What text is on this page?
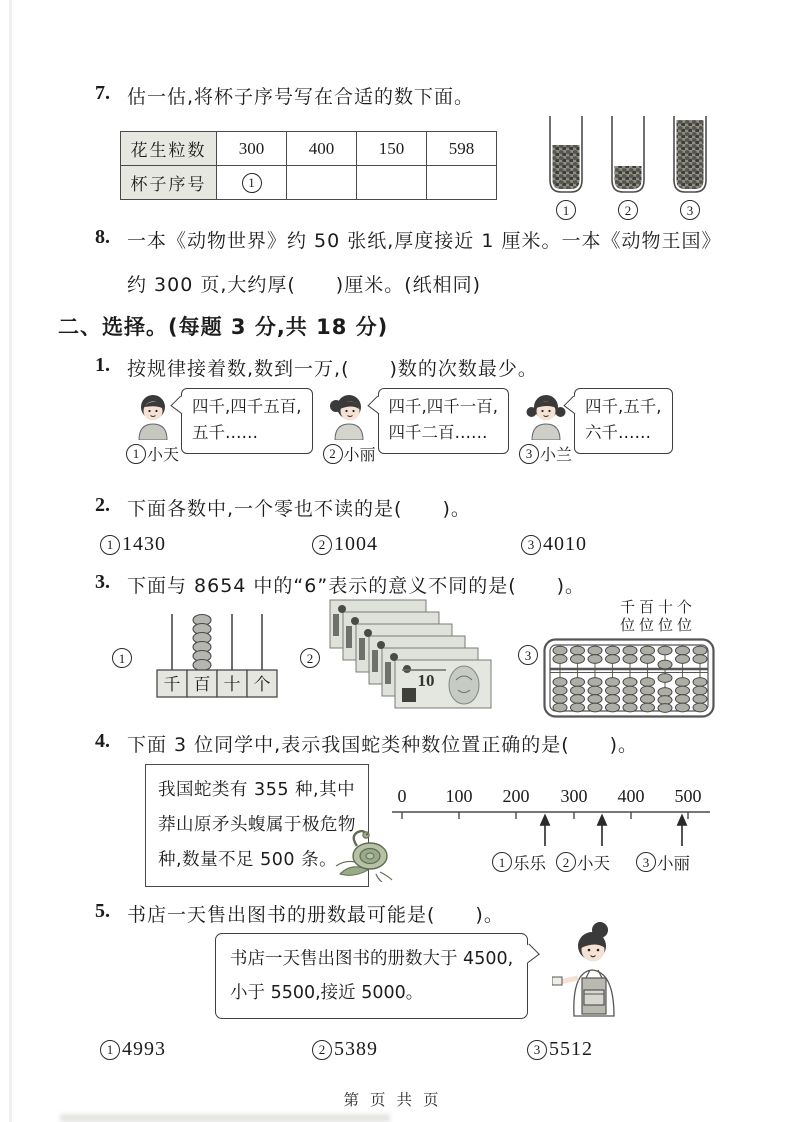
7. 估一估,将杯子序号写在合适的数下面。
花生粒数	300	400	150	598
杯子序号	1			
1	2	3
8. 一本《动物世界》约 50 张纸,厚度接近 1 厘米。一本《动物王国》
约 300 页,大约厚(　　)厘米。(纸相同)
二、选择。(每题 3 分,共 18 分)
1. 按规律接着数,数到一万,(　　)数的次数最少。
1 小天
四千,四千五百,
五千……
2 小丽
四千,四千一百,
四千二百……
3 小兰
四千,五千,
六千……
2. 下面各数中,一个零也不读的是(　　)。
1 1430	2 1004	3 4010
3. 下面与 8654 中的“6”表示的意义不同的是(　　)。
1
千 百 十 个
2
10
3
千百十个
位位位位
4. 下面 3 位同学中,表示我国蛇类种数位置正确的是(　　)。
我国蛇类有 355 种,其中
莽山原矛头蝮属于极危物
种,数量不足 500 条。
0 100 200 300 400 500
1 乐乐	2 小天	3 小丽
5. 书店一天售出图书的册数最可能是(　　)。
书店一天售出图书的册数大于 4500,
小于 5500,接近 5000。
1 4993	2 5389	3 5512
第页共页
